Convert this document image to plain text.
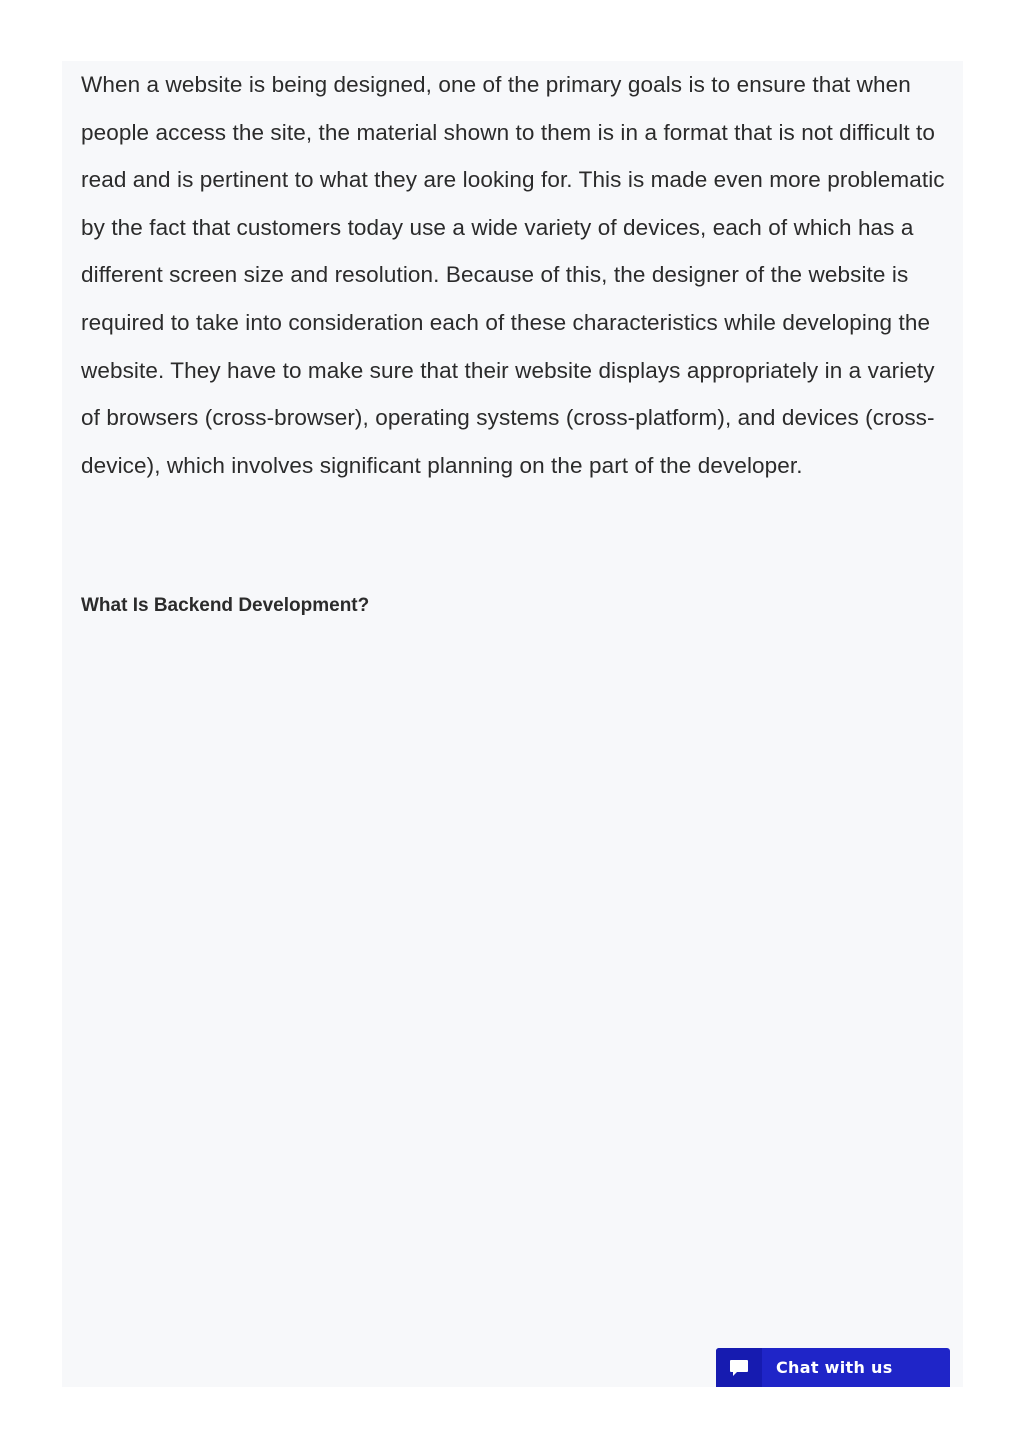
When a website is being designed, one of the primary goals is to ensure that when people access the site, the material shown to them is in a format that is not difficult to read and is pertinent to what they are looking for. This is made even more problematic by the fact that customers today use a wide variety of devices, each of which has a different screen size and resolution. Because of this, the designer of the website is required to take into consideration each of these characteristics while developing the website. They have to make sure that their website displays appropriately in a variety of browsers (cross-browser), operating systems (cross-platform), and devices (cross-device), which involves significant planning on the part of the developer.

What Is Backend Development?
Chat with us
